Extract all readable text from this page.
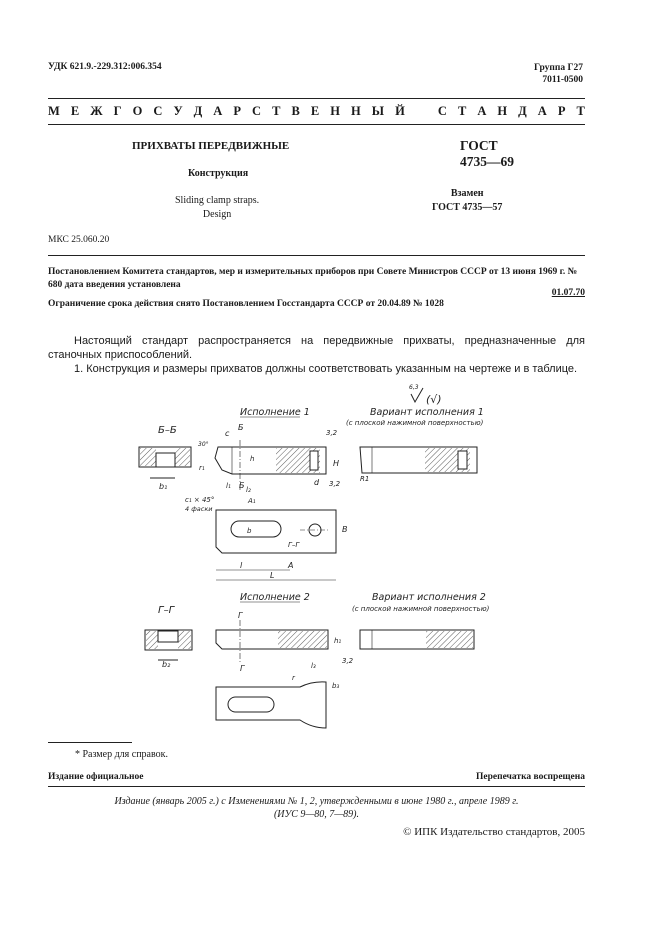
УДК 621.9.-229.312:006.354	Группа Г27
7011-0500
М Е Ж Г О С У Д А Р С Т В Е Н Н Ы Й	С Т А Н Д А Р Т
ПРИХВАТЫ ПЕРЕДВИЖНЫЕ
Конструкция
Sliding clamp straps.
Design
ГОСТ
4735—69
Взамен
ГОСТ 4735—57
МКС 25.060.20
Постановлением Комитета стандартов, мер и измерительных приборов при Совете Министров СССР от 13 июня 1969 г. № 680 дата введения установлена
01.07.70
Ограничение срока действия снято Постановлением Госстандарта СССР от 20.04.89 № 1028
Настоящий стандарт распространяется на передвижные прихваты, предназначенные для станочных приспособлений.
1. Конструкция и размеры прихватов должны соответствовать указанным на чертеже и в таблице.
6,3
(√)
Исполнение 1	Вариант исполнения 1
(с плоской нажимной поверхностью)
Б–Б
b₁
Б
Б
c
h	H
d
3,2
3,2
30°
r₁
l₁ l₂
c₁ × 45°
4 фаски
A₁
R1
Г–Г
B
b
l	A
L
Исполнение 2	Вариант исполнения 2
(с плоской нажимной поверхностью)
Г–Г
b₂
Г
Г
h₁
3,2
r
l₃
b₃
* Размер для справок.
Издание официальное	Перепечатка воспрещена
Издание (январь 2005 г.) с Изменениями № 1, 2, утвержденными в июне 1980 г., апреле 1989 г.
(ИУС 9—80, 7—89).
© ИПК Издательство стандартов, 2005
